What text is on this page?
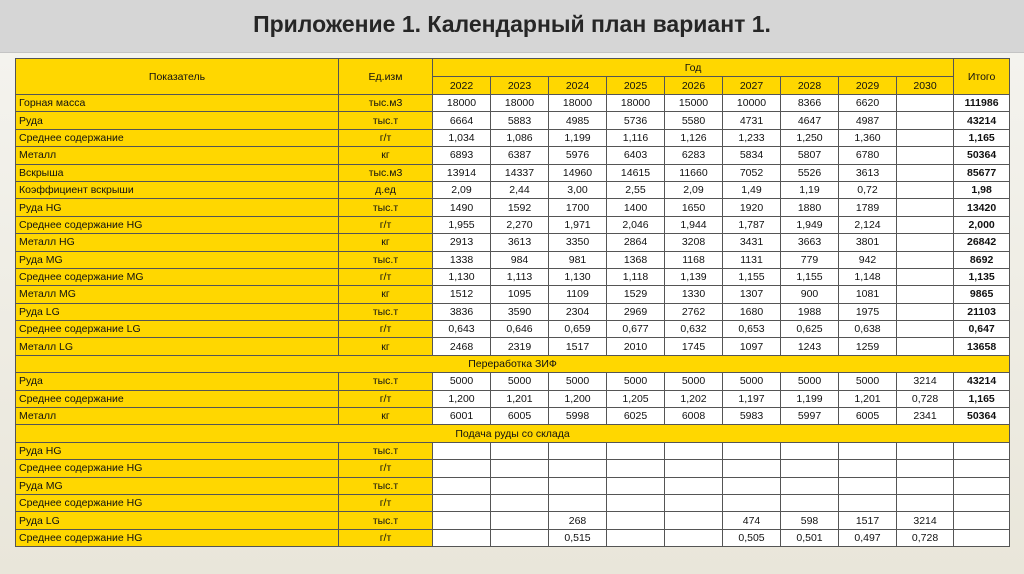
Приложение 1. Календарный план вариант 1.
Показатель	Ед.изм	Год									Итого
		2022	2023	2024	2025	2026	2027	2028	2029	2030	
Горная масса	тыс.м3	18000	18000	18000	18000	15000	10000	8366	6620		111986
Руда	тыс.т	6664	5883	4985	5736	5580	4731	4647	4987		43214
Среднее содержание	г/т	1,034	1,086	1,199	1,116	1,126	1,233	1,250	1,360		1,165
Металл	кг	6893	6387	5976	6403	6283	5834	5807	6780		50364
Вскрыша	тыс.м3	13914	14337	14960	14615	11660	7052	5526	3613		85677
Коэффициент вскрыши	д.ед	2,09	2,44	3,00	2,55	2,09	1,49	1,19	0,72		1,98
Руда HG	тыс.т	1490	1592	1700	1400	1650	1920	1880	1789		13420
Среднее содержание HG	г/т	1,955	2,270	1,971	2,046	1,944	1,787	1,949	2,124		2,000
Металл HG	кг	2913	3613	3350	2864	3208	3431	3663	3801		26842
Руда MG	тыс.т	1338	984	981	1368	1168	1131	779	942		8692
Среднее содержание MG	г/т	1,130	1,113	1,130	1,118	1,139	1,155	1,155	1,148		1,135
Металл MG	кг	1512	1095	1109	1529	1330	1307	900	1081		9865
Руда LG	тыс.т	3836	3590	2304	2969	2762	1680	1988	1975		21103
Среднее содержание LG	г/т	0,643	0,646	0,659	0,677	0,632	0,653	0,625	0,638		0,647
Металл LG	кг	2468	2319	1517	2010	1745	1097	1243	1259		13658
Переработка ЗИФ											
Руда	тыс.т	5000	5000	5000	5000	5000	5000	5000	5000	3214	43214
Среднее содержание	г/т	1,200	1,201	1,200	1,205	1,202	1,197	1,199	1,201	0,728	1,165
Металл	кг	6001	6005	5998	6025	6008	5983	5997	6005	2341	50364
Подача руды со склада											
Руда HG	тыс.т										
Среднее содержание HG	г/т										
Руда MG	тыс.т										
Среднее содержание HG	г/т										
Руда LG	тыс.т			268			474	598	1517	3214	
Среднее содержание HG	г/т			0,515			0,505	0,501	0,497	0,728	
